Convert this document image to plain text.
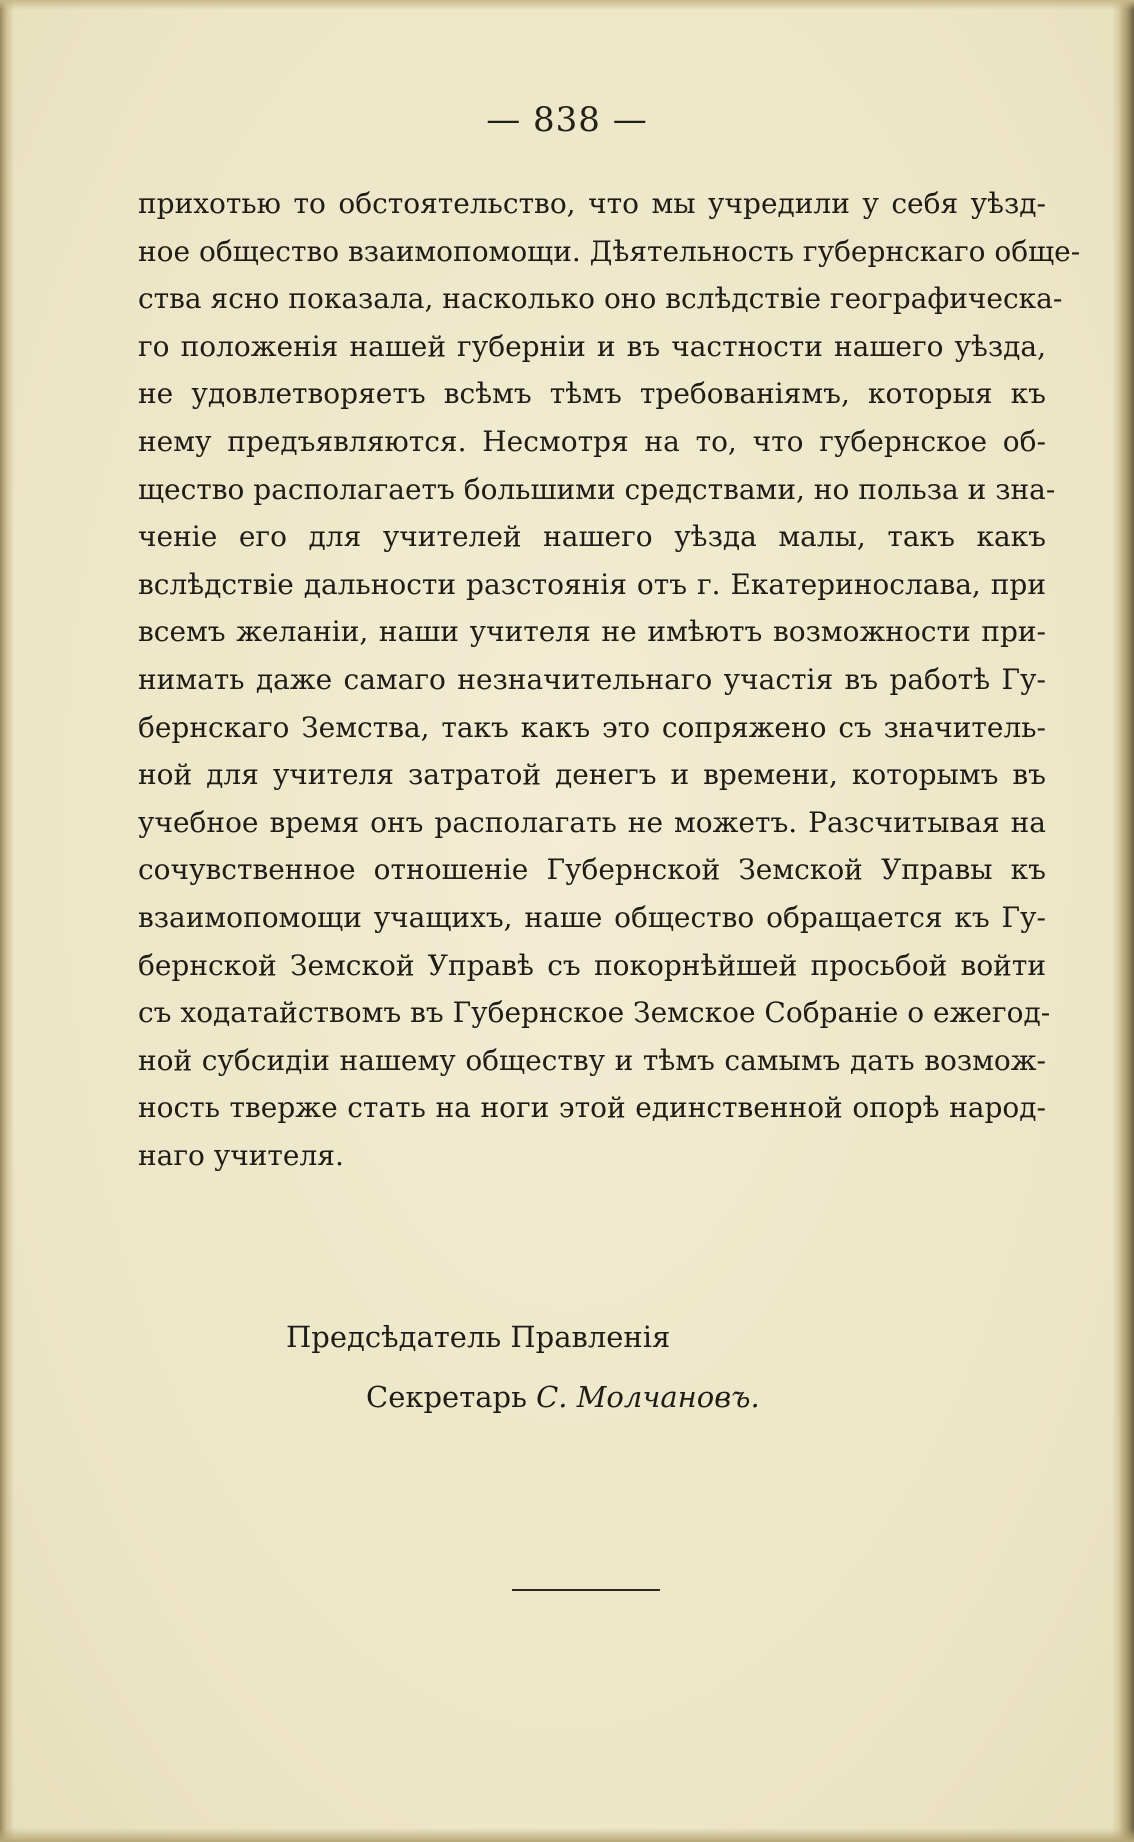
— 838 —
прихотью то обстоятельство, что мы учредили у себя уѣзд-
ное общество взаимопомощи. Дѣятельность губернскаго обще-
ства ясно показала, насколько оно вслѣдствіе географическа-
го положенія нашей губерніи и въ частности нашего уѣзда,
не удовлетворяетъ всѣмъ тѣмъ требованіямъ, которыя къ
нему предъявляются. Несмотря на то, что губернское об-
щество располагаетъ большими средствами, но польза и зна-
ченіе его для учителей нашего уѣзда малы, такъ какъ
вслѣдствіе дальности разстоянія отъ г. Екатеринослава, при
всемъ желаніи, наши учителя не имѣютъ возможности при-
нимать даже самаго незначительнаго участія въ работѣ Гу-
бернскаго Земства, такъ какъ это сопряжено съ значитель-
ной для учителя затратой денегъ и времени, которымъ въ
учебное время онъ располагать не можетъ. Разсчитывая на
сочувственное отношеніе Губернской Земской Управы къ
взаимопомощи учащихъ, наше общество обращается къ Гу-
бернской Земской Управѣ съ покорнѣйшей просьбой войти
съ ходатайствомъ въ Губернское Земское Собраніе о ежегод-
ной субсидіи нашему обществу и тѣмъ самымъ дать возмож-
ность тверже стать на ноги этой единственной опорѣ народ-
наго учителя.
Предсѣдатель Правленія
Секретарь С. Молчановъ.
